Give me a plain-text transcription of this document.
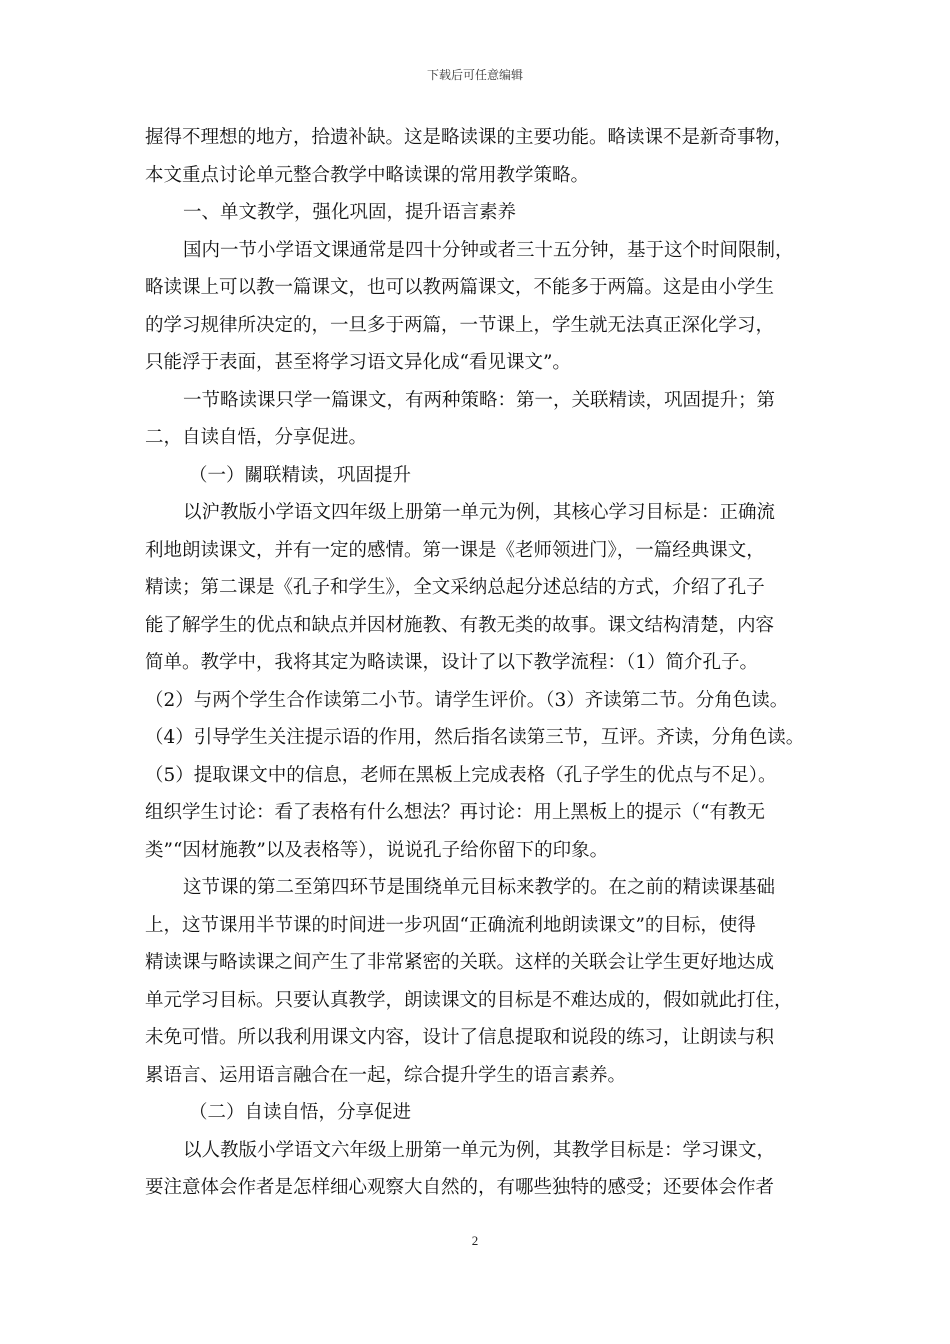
下载后可任意编辑
握得不理想的地方，拾遗补缺。这是略读课的主要功能。略读课不是新奇事物，
本文重点讨论单元整合教学中略读课的常用教学策略。
一、单文教学，强化巩固，提升语言素养
国内一节小学语文课通常是四十分钟或者三十五分钟，基于这个时间限制，
略读课上可以教一篇课文，也可以教两篇课文，不能多于两篇。这是由小学生
的学习规律所决定的，一旦多于两篇，一节课上，学生就无法真正深化学习，
只能浮于表面，甚至将学习语文异化成“看见课文”。
一节略读课只学一篇课文，有两种策略：第一，关联精读，巩固提升；第
二，自读自悟，分享促进。
（一）關联精读，巩固提升
以沪教版小学语文四年级上册第一单元为例，其核心学习目标是：正确流
利地朗读课文，并有一定的感情。第一课是《老师领进门》，一篇经典课文，
精读；第二课是《孔子和学生》，全文采纳总起分述总结的方式，介绍了孔子
能了解学生的优点和缺点并因材施教、有教无类的故事。课文结构清楚，内容
简单。教学中，我将其定为略读课，设计了以下教学流程：（1）简介孔子。
（2）与两个学生合作读第二小节。请学生评价。（3）齐读第二节。分角色读。
（4）引导学生关注提示语的作用，然后指名读第三节，互评。齐读，分角色读。
（5）提取课文中的信息，老师在黑板上完成表格（孔子学生的优点与不足）。
组织学生讨论：看了表格有什么想法？再讨论：用上黑板上的提示（“有教无
类”“因材施教”以及表格等），说说孔子给你留下的印象。
这节课的第二至第四环节是围绕单元目标来教学的。在之前的精读课基础
上，这节课用半节课的时间进一步巩固“正确流利地朗读课文”的目标，使得
精读课与略读课之间产生了非常紧密的关联。这样的关联会让学生更好地达成
单元学习目标。只要认真教学，朗读课文的目标是不难达成的，假如就此打住，
未免可惜。所以我利用课文内容，设计了信息提取和说段的练习，让朗读与积
累语言、运用语言融合在一起，综合提升学生的语言素养。
（二）自读自悟，分享促进
以人教版小学语文六年级上册第一单元为例，其教学目标是：学习课文，
要注意体会作者是怎样细心观察大自然的，有哪些独特的感受；还要体会作者
2
